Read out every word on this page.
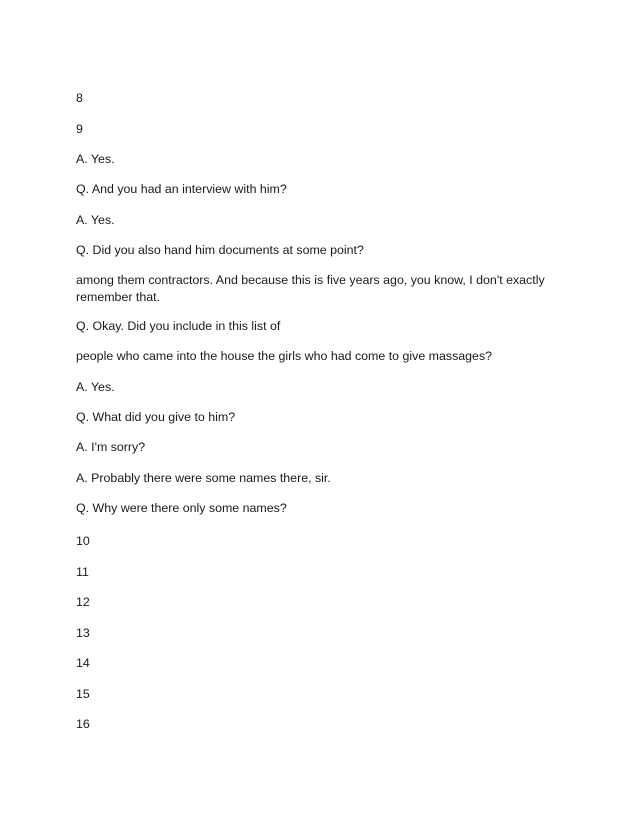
8
9
A. Yes.
Q. And you had an interview with him?
A. Yes.
Q. Did you also hand him documents at some point?
among them contractors. And because this is five years ago, you know, I don't exactly remember that.
Q. Okay. Did you include in this list of
people who came into the house the girls who had come to give massages?
A. Yes.
Q. What did you give to him?
A. I'm sorry?
A. Probably there were some names there, sir.
Q. Why were there only some names?
10
11
12
13
14
15
16
